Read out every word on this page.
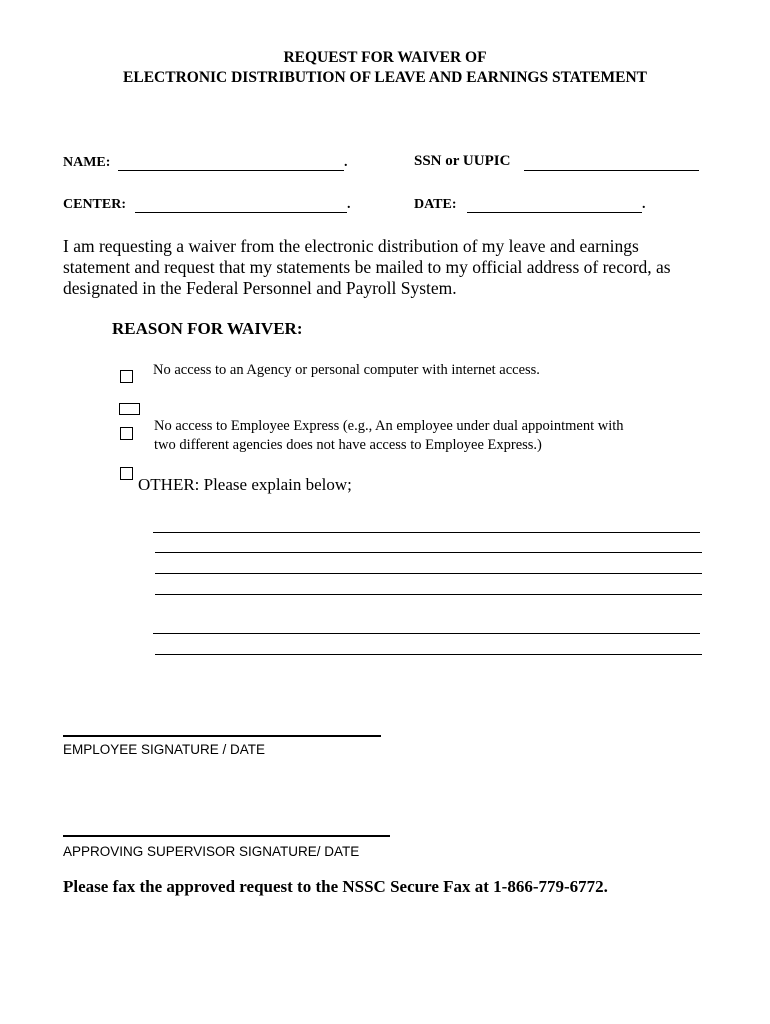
REQUEST FOR WAIVER OF
ELECTRONIC DISTRIBUTION OF LEAVE AND EARNINGS STATEMENT
NAME:	.	SSN or UUPIC
CENTER:	.	DATE:	.
I am requesting a waiver from the electronic distribution of my leave and earnings
statement and request that my statements be mailed to my official address of record, as
designated in the Federal Personnel and Payroll System.
REASON FOR WAIVER:
No access to an Agency or personal computer with internet access.
No access to Employee Express (e.g., An employee under dual appointment with
two different agencies does not have access to Employee Express.)
OTHER: Please explain below;
EMPLOYEE SIGNATURE / DATE
APPROVING SUPERVISOR SIGNATURE/ DATE
Please fax the approved request to the NSSC Secure Fax at 1-866-779-6772.
